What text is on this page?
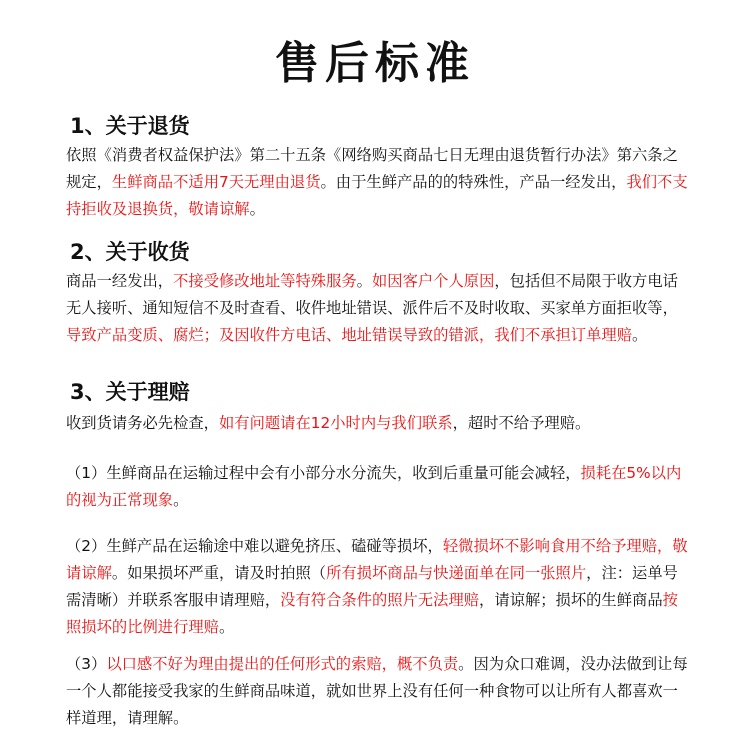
售后标准
1、关于退货

依照《消费者权益保护法》第二十五条《网络购买商品七日无理由退货暂行办法》第六条之规定，生鲜商品不适用7天无理由退货。由于生鲜产品的的特殊性，产品一经发出，我们不支持拒收及退换货，敬请谅解。

2、关于收货

商品一经发出，不接受修改地址等特殊服务。如因客户个人原因，包括但不局限于收方电话无人接听、通知短信不及时查看、收件地址错误、派件后不及时收取、买家单方面拒收等，导致产品变质、腐烂；及因收件方电话、地址错误导致的错派，我们不承担订单理赔。

3、关于理赔

收到货请务必先检查，如有问题请在12小时内与我们联系，超时不给予理赔。

（1）生鲜商品在运输过程中会有小部分水分流失，收到后重量可能会减轻，损耗在5%以内的视为正常现象。

（2）生鲜产品在运输途中难以避免挤压、磕碰等损坏，轻微损坏不影响食用不给予理赔，敬请谅解。如果损坏严重，请及时拍照（所有损坏商品与快递面单在同一张照片，注：运单号需清晰）并联系客服申请理赔，没有符合条件的照片无法理赔，请谅解；损坏的生鲜商品按照损坏的比例进行理赔。

（3）以口感不好为理由提出的任何形式的索赔，概不负责。因为众口难调，没办法做到让每一个人都能接受我家的生鲜商品味道，就如世界上没有任何一种食物可以让所有人都喜欢一样道理，请理解。
